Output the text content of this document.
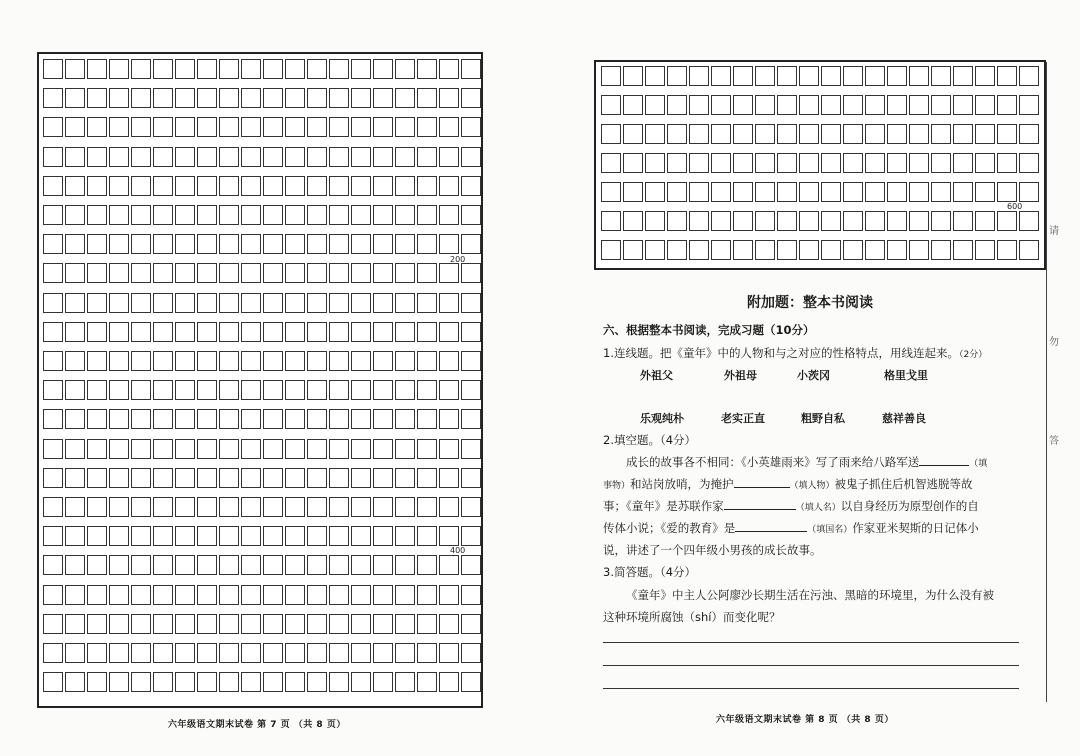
200
400
六年级语文期末试卷 第 7 页 （共 8 页）
600
请
勿
答
附加题：整本书阅读
六、根据整本书阅读，完成习题（10分）
1.连线题。把《童年》中的人物和与之对应的性格特点，用线连起来。（2分）
外祖父	外祖母	小茨冈	格里戈里
乐观纯朴	老实正直	粗野自私	慈祥善良
2.填空题。（4分）
成长的故事各不相同：《小英雄雨来》写了雨来给八路军送	（填
事物）和站岗放哨，为掩护	（填人物）被鬼子抓住后机智逃脱等故
事；《童年》是苏联作家	（填人名）以自身经历为原型创作的自
传体小说；《爱的教育》是	（填国名）作家亚米契斯的日记体小
说，讲述了一个四年级小男孩的成长故事。
3.简答题。（4分）
《童年》中主人公阿廖沙长期生活在污浊、黑暗的环境里，为什么没有被
这种环境所腐蚀（shí）而变化呢？
六年级语文期末试卷 第 8 页 （共 8 页）
